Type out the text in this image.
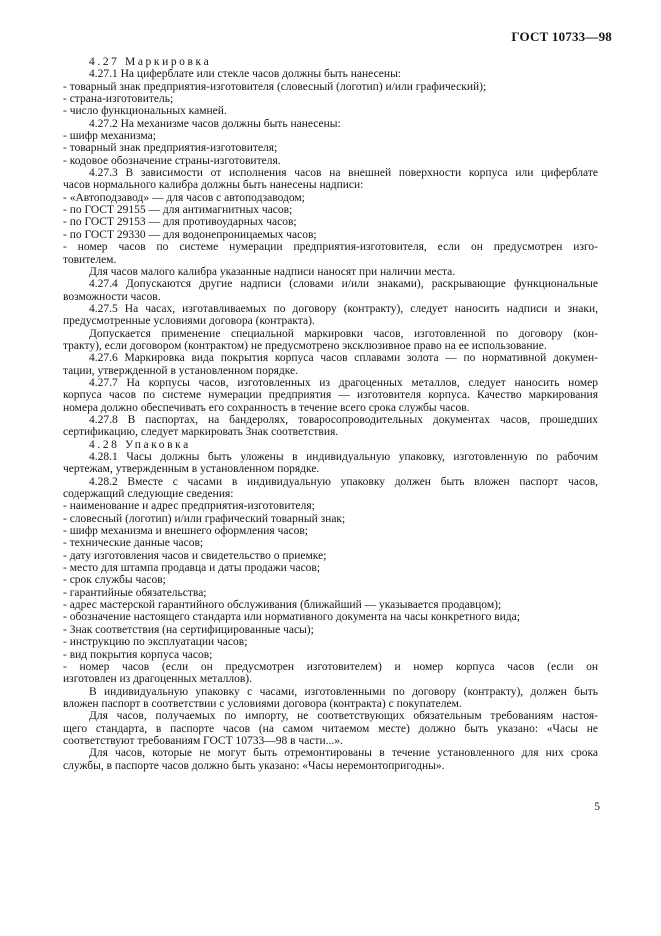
ГОСТ 10733—98

4.27 Маркировка

4.27.1 На циферблате или стекле часов должны быть нанесены:

- товарный знак предприятия-изготовителя (словесный (логотип) и/или графический);

- страна-изготовитель;

- число функциональных камней.

4.27.2 На механизме часов должны быть нанесены:

- шифр механизма;

- товарный знак предприятия-изготовителя;

- кодовое обозначение страны-изготовителя.

4.27.3 В зависимости от исполнения часов на внешней поверхности корпуса или циферблате

часов нормального калибра должны быть нанесены надписи:

- «Автоподзавод» — для часов с автоподзаводом;

- по ГОСТ 29155 — для антимагнитных часов;

- по ГОСТ 29153 — для противоударных часов;

- по ГОСТ 29330 — для водонепроницаемых часов;

- номер часов по системе нумерации предприятия-изготовителя, если он предусмотрен изго-

товителем.

Для часов малого калибра указанные надписи наносят при наличии места.

4.27.4 Допускаются другие надписи (словами и/или знаками), раскрывающие функциональные

возможности часов.

4.27.5 На часах, изготавливаемых по договору (контракту), следует наносить надписи и знаки,

предусмотренные условиями договора (контракта).

Допускается применение специальной маркировки часов, изготовленной по договору (кон-

тракту), если договором (контрактом) не предусмотрено эксклюзивное право на ее использование.

4.27.6 Маркировка вида покрытия корпуса часов сплавами золота — по нормативной докумен-

тации, утвержденной в установленном порядке.

4.27.7 На корпусы часов, изготовленных из драгоценных металлов, следует наносить номер

корпуса часов по системе нумерации предприятия — изготовителя корпуса. Качество маркирования

номера должно обеспечивать его сохранность в течение всего срока службы часов.

4.27.8 В паспортах, на бандеролях, товаросопроводительных документах часов, прошедших

сертификацию, следует маркировать Знак соответствия.

4.28 Упаковка

4.28.1 Часы должны быть уложены в индивидуальную упаковку, изготовленную по рабочим

чертежам, утвержденным в установленном порядке.

4.28.2 Вместе с часами в индивидуальную упаковку должен быть вложен паспорт часов,

содержащий следующие сведения:

- наименование и адрес предприятия-изготовителя;

- словесный (логотип) и/или графический товарный знак;

- шифр механизма и внешнего оформления часов;

- технические данные часов;

- дату изготовления часов и свидетельство о приемке;

- место для штампа продавца и даты продажи часов;

- срок службы часов;

- гарантийные обязательства;

- адрес мастерской гарантийного обслуживания (ближайший — указывается продавцом);

- обозначение настоящего стандарта или нормативного документа на часы конкретного вида;

- Знак соответствия (на сертифицированные часы);

- инструкцию по эксплуатации часов;

- вид покрытия корпуса часов;

- номер часов (если он предусмотрен изготовителем) и номер корпуса часов (если он

изготовлен из драгоценных металлов).

В индивидуальную упаковку с часами, изготовленными по договору (контракту), должен быть

вложен паспорт в соответствии с условиями договора (контракта) с покупателем.

Для часов, получаемых по импорту, не соответствующих обязательным требованиям настоя-

щего стандарта, в паспорте часов (на самом читаемом месте) должно быть указано: «Часы не

соответствуют требованиям ГОСТ 10733—98 в части...».

Для часов, которые не могут быть отремонтированы в течение установленного для них срока

службы, в паспорте часов должно быть указано: «Часы неремонтопригодны».

5
